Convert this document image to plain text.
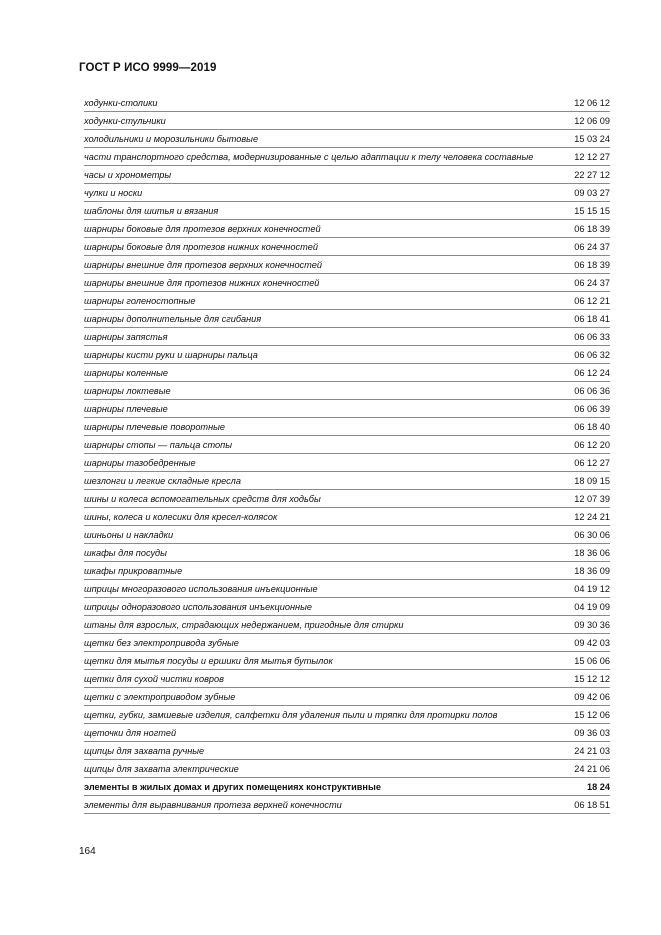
ГОСТ Р ИСО 9999—2019
ходунки-столики	12 06 12
ходунки-стульчики	12 06 09
холодильники и морозильники бытовые	15 03 24
части транспортного средства, модернизированные с целью адаптации к телу человека составные	12 12 27
часы и хронометры	22 27 12
чулки и носки	09 03 27
шаблоны для шитья и вязания	15 15 15
шарниры боковые для протезов верхних конечностей	06 18 39
шарниры боковые для протезов нижних конечностей	06 24 37
шарниры внешние для протезов верхних конечностей	06 18 39
шарниры внешние для протезов нижних конечностей	06 24 37
шарниры голеностопные	06 12 21
шарниры дополнительные для сгибания	06 18 41
шарниры запястья	06 06 33
шарниры кисти руки и шарниры пальца	06 06 32
шарниры коленные	06 12 24
шарниры локтевые	06 06 36
шарниры плечевые	06 06 39
шарниры плечевые поворотные	06 18 40
шарниры стопы — пальца стопы	06 12 20
шарниры тазобедренные	06 12 27
шезлонги и легкие складные кресла	18 09 15
шины и колеса вспомогательных средств для ходьбы	12 07 39
шины, колеса и колесики для кресел-колясок	12 24 21
шиньоны и накладки	06 30 06
шкафы для посуды	18 36 06
шкафы прикроватные	18 36 09
шприцы многоразового использования инъекционные	04 19 12
шприцы одноразового использования инъекционные	04 19 09
штаны для взрослых, страдающих недержанием, пригодные для стирки	09 30 36
щетки без электропривода зубные	09 42 03
щетки для мытья посуды и ершики для мытья бутылок	15 06 06
щетки для сухой чистки ковров	15 12 12
щетки с электроприводом зубные	09 42 06
щетки, губки, замшевые изделия, салфетки для удаления пыли и тряпки для протирки полов	15 12 06
щеточки для ногтей	09 36 03
щипцы для захвата ручные	24 21 03
щипцы для захвата электрические	24 21 06
элементы в жилых домах и других помещениях конструктивные	18 24
элементы для выравнивания протеза верхней конечности	06 18 51
164
